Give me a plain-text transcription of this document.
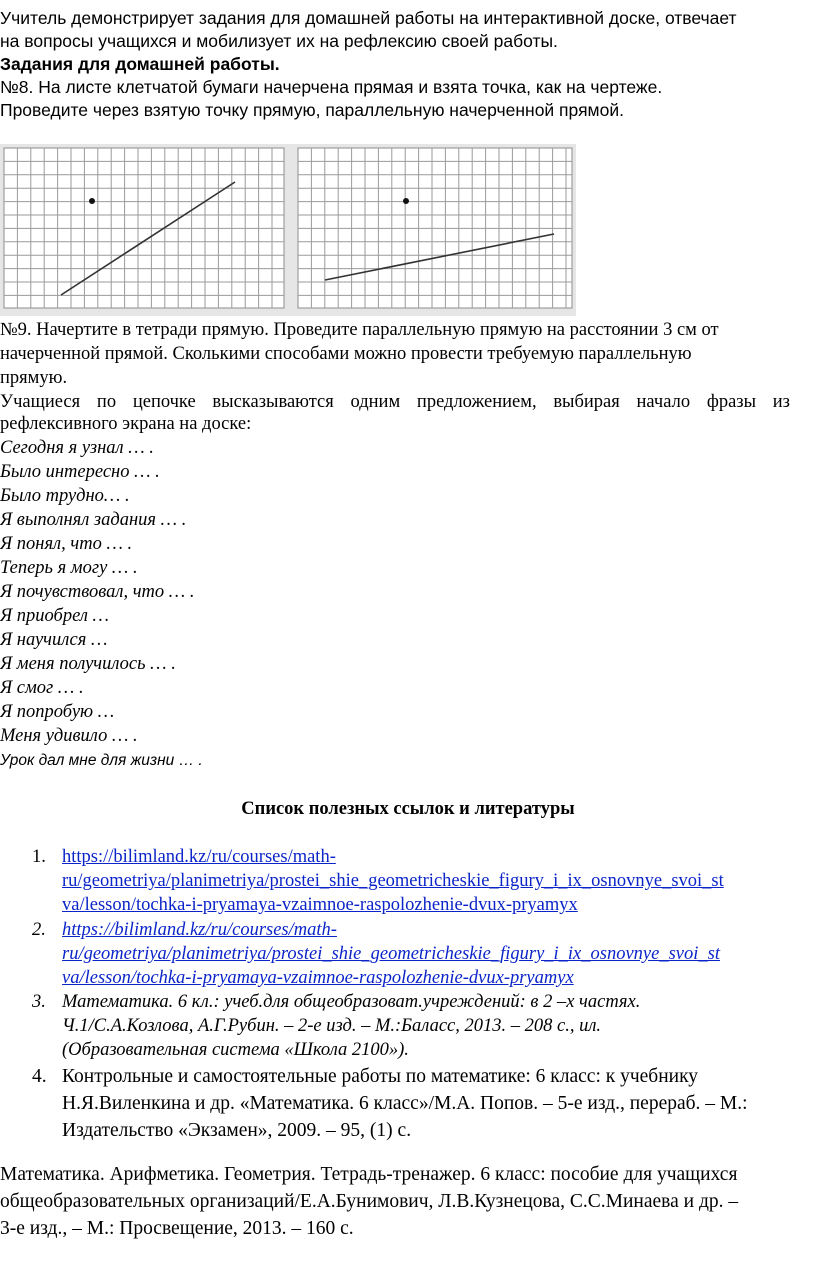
Учитель демонстрирует задания для домашней работы на интерактивной доске, отвечает
на вопросы учащихся и мобилизует их на рефлексию своей работы.
Задания для домашней работы.
№8. На листе клетчатой бумаги начерчена прямая и взята точка, как на чертеже.
Проведите через взятую точку прямую, параллельную начерченной прямой.
№9. Начертите в тетради прямую. Проведите параллельную прямую на расстоянии 3 см от
начерченной прямой. Сколькими способами можно провести требуемую параллельную
прямую.
Учащиеся по цепочке высказываются одним предложением, выбирая начало фразы из
рефлексивного экрана на доске:
Сегодня я узнал … .
Было интересно … .
Было трудно… .
Я выполнял задания … .
Я понял, что … .
Теперь я могу … .
Я почувствовал, что … .
Я приобрел …
Я научился …
Я меня получилось … .
Я смог … .
Я попробую …
Меня удивило … .
Урок дал мне для жизни … .
Список полезных ссылок и литературы
1. https://bilimland.kz/ru/courses/math-
ru/geometriya/planimetriya/prostei_shie_geometricheskie_figury_i_ix_osnovnye_svoi_st
va/lesson/tochka-i-pryamaya-vzaimnoe-raspolozhenie-dvux-pryamyx
2. https://bilimland.kz/ru/courses/math-
ru/geometriya/planimetriya/prostei_shie_geometricheskie_figury_i_ix_osnovnye_svoi_st
va/lesson/tochka-i-pryamaya-vzaimnoe-raspolozhenie-dvux-pryamyx
3. Математика. 6 кл.: учеб.для общеобразоват.учреждений: в 2 –х частях.
Ч.1/С.А.Козлова, А.Г.Рубин. – 2-е изд. – М.:Баласс, 2013. – 208 с., ил.
(Образовательная система «Школа 2100»).
4. Контрольные и самостоятельные работы по математике: 6 класс: к учебнику
Н.Я.Виленкина и др. «Математика. 6 класс»/М.А. Попов. – 5-е изд., перераб. – М.:
Издательство «Экзамен», 2009. – 95, (1) с.
Математика. Арифметика. Геометрия. Тетрадь-тренажер. 6 класс: пособие для учащихся
общеобразовательных организаций/Е.А.Бунимович, Л.В.Кузнецова, С.С.Минаева и др. –
3-е изд., – М.: Просвещение, 2013. – 160 с.
